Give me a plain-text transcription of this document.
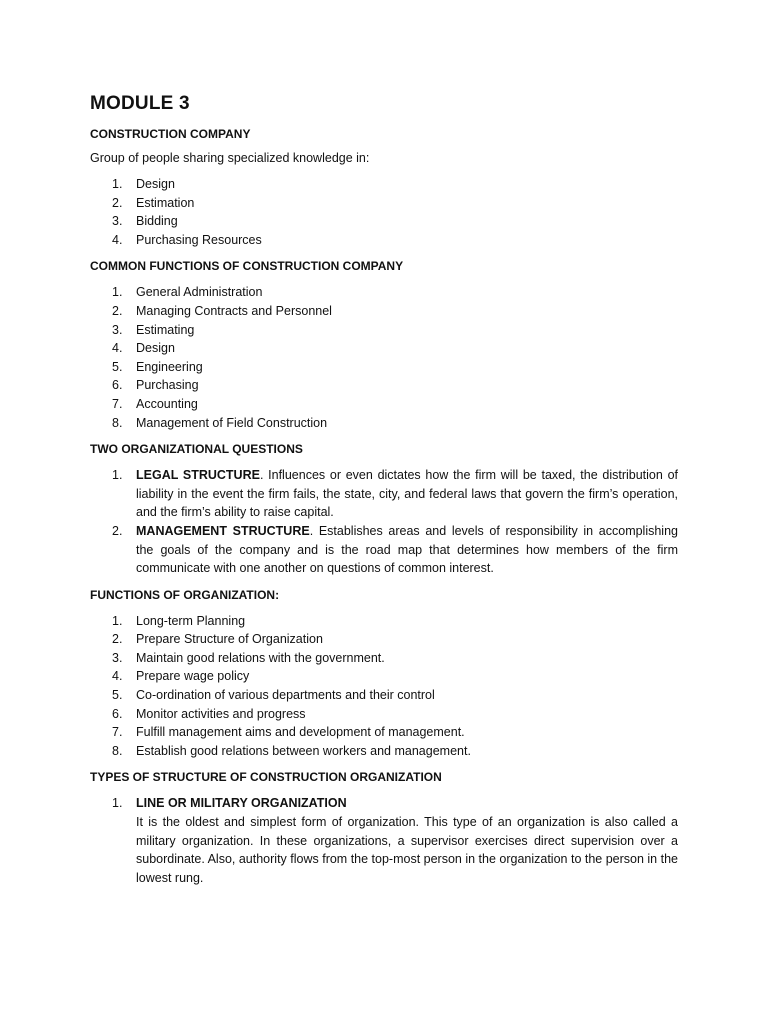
MODULE 3
CONSTRUCTION COMPANY
Group of people sharing specialized knowledge in:
1. Design
2. Estimation
3. Bidding
4. Purchasing Resources
COMMON FUNCTIONS OF CONSTRUCTION COMPANY
1. General Administration
2. Managing Contracts and Personnel
3. Estimating
4. Design
5. Engineering
6. Purchasing
7. Accounting
8. Management of Field Construction
TWO ORGANIZATIONAL QUESTIONS
1. LEGAL STRUCTURE. Influences or even dictates how the firm will be taxed, the distribution of liability in the event the firm fails, the state, city, and federal laws that govern the firm’s operation, and the firm’s ability to raise capital.
2. MANAGEMENT STRUCTURE. Establishes areas and levels of responsibility in accomplishing the goals of the company and is the road map that determines how members of the firm communicate with one another on questions of common interest.
FUNCTIONS OF ORGANIZATION:
1. Long-term Planning
2. Prepare Structure of Organization
3. Maintain good relations with the government.
4. Prepare wage policy
5. Co-ordination of various departments and their control
6. Monitor activities and progress
7. Fulfill management aims and development of management.
8. Establish good relations between workers and management.
TYPES OF STRUCTURE OF CONSTRUCTION ORGANIZATION
1. LINE OR MILITARY ORGANIZATION
It is the oldest and simplest form of organization. This type of an organization is also called a military organization. In these organizations, a supervisor exercises direct supervision over a subordinate. Also, authority flows from the top-most person in the organization to the person in the lowest rung.
